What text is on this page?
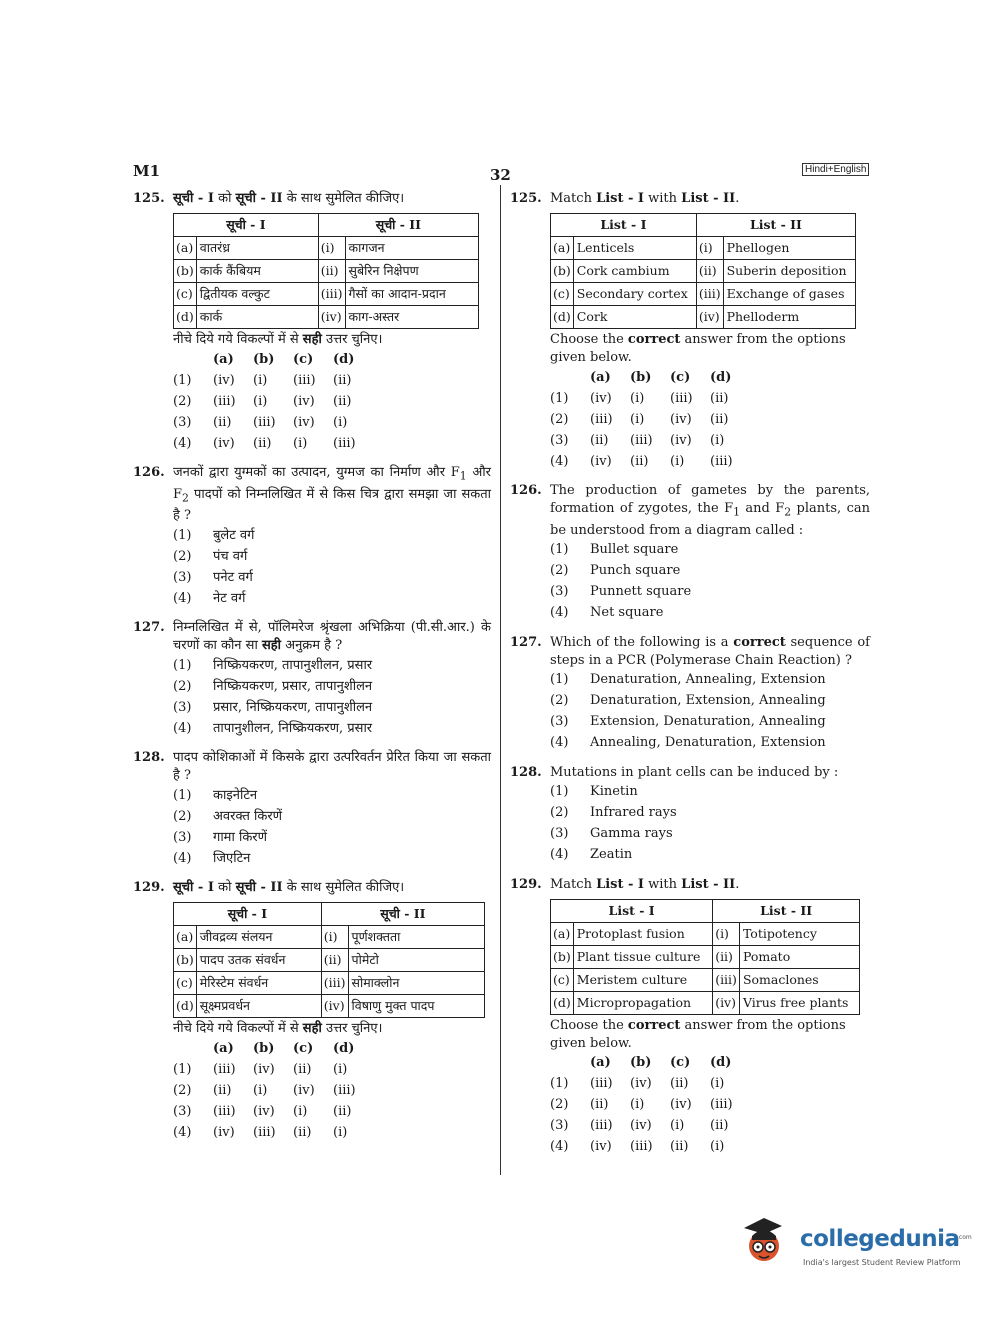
M1	32	Hindi+English
125. सूची - I को सूची - II के साथ सुमेलित कीजिए।
सूची - I		सूची - II	
(a)	वातरंध्र	(i)	कागजन
(b)	कार्क कैंबियम	(ii)	सुबेरिन निक्षेपण
(c)	द्वितीयक वल्कुट	(iii)	गैसों का आदान-प्रदान
(d)	कार्क	(iv)	काग-अस्तर
नीचे दिये गये विकल्पों में से सही उत्तर चुनिए।
(a)	(b)	(c)	(d)
(1)	(iv)	(i)	(iii)	(ii)
(2)	(iii)	(i)	(iv)	(ii)
(3)	(ii)	(iii)	(iv)	(i)
(4)	(iv)	(ii)	(i)	(iii)
126. जनकों द्वारा युग्मकों का उत्पादन, युग्मज का निर्माण और $F_1$ और $F_2$ पादपों को निम्नलिखित में से किस चित्र द्वारा समझा जा सकता है ?
(1)	बुलेट वर्ग
(2)	पंच वर्ग
(3)	पनेट वर्ग
(4)	नेट वर्ग
127. निम्नलिखित में से, पॉलिमरेज श्रृंखला अभिक्रिया (पी.सी.आर.) के चरणों का कौन सा सही अनुक्रम है ?
(1)	निष्क्रियकरण, तापानुशीलन, प्रसार
(2)	निष्क्रियकरण, प्रसार, तापानुशीलन
(3)	प्रसार, निष्क्रियकरण, तापानुशीलन
(4)	तापानुशीलन, निष्क्रियकरण, प्रसार
128. पादप कोशिकाओं में किसके द्वारा उत्परिवर्तन प्रेरित किया जा सकता है ?
(1)	काइनेटिन
(2)	अवरक्त किरणें
(3)	गामा किरणें
(4)	जिएटिन
129. सूची - I को सूची - II के साथ सुमेलित कीजिए।
सूची - I		सूची - II	
(a)	जीवद्रव्य संलयन	(i)	पूर्णशक्तता
(b)	पादप उतक संवर्धन	(ii)	पोमेटो
(c)	मेरिस्टेम संवर्धन	(iii)	सोमाक्लोन
(d)	सूक्ष्मप्रवर्धन	(iv)	विषाणु मुक्त पादप
नीचे दिये गये विकल्पों में से सही उत्तर चुनिए।
(a)	(b)	(c)	(d)
(1)	(iii)	(iv)	(ii)	(i)
(2)	(ii)	(i)	(iv)	(iii)
(3)	(iii)	(iv)	(i)	(ii)
(4)	(iv)	(iii)	(ii)	(i)
125. Match List - I with List - II.
List - I		List - II	
(a)	Lenticels	(i)	Phellogen
(b)	Cork cambium	(ii)	Suberin deposition
(c)	Secondary cortex	(iii)	Exchange of gases
(d)	Cork	(iv)	Phelloderm
Choose the correct answer from the options given below.
(a)	(b)	(c)	(d)
(1)	(iv)	(i)	(iii)	(ii)
(2)	(iii)	(i)	(iv)	(ii)
(3)	(ii)	(iii)	(iv)	(i)
(4)	(iv)	(ii)	(i)	(iii)
126. The production of gametes by the parents, formation of zygotes, the $F_1$ and $F_2$ plants, can be understood from a diagram called :
(1)	Bullet square
(2)	Punch square
(3)	Punnett square
(4)	Net square
127. Which of the following is a correct sequence of steps in a PCR (Polymerase Chain Reaction) ?
(1)	Denaturation, Annealing, Extension
(2)	Denaturation, Extension, Annealing
(3)	Extension, Denaturation, Annealing
(4)	Annealing, Denaturation, Extension
128. Mutations in plant cells can be induced by :
(1)	Kinetin
(2)	Infrared rays
(3)	Gamma rays
(4)	Zeatin
129. Match List - I with List - II.
List - I		List - II	
(a)	Protoplast fusion	(i)	Totipotency
(b)	Plant tissue culture	(ii)	Pomato
(c)	Meristem culture	(iii)	Somaclones
(d)	Micropropagation	(iv)	Virus free plants
Choose the correct answer from the options given below.
(a)	(b)	(c)	(d)
(1)	(iii)	(iv)	(ii)	(i)
(2)	(ii)	(i)	(iv)	(iii)
(3)	(iii)	(iv)	(i)	(ii)
(4)	(iv)	(iii)	(ii)	(i)
collegedunia
.com
India's largest Student Review Platform
